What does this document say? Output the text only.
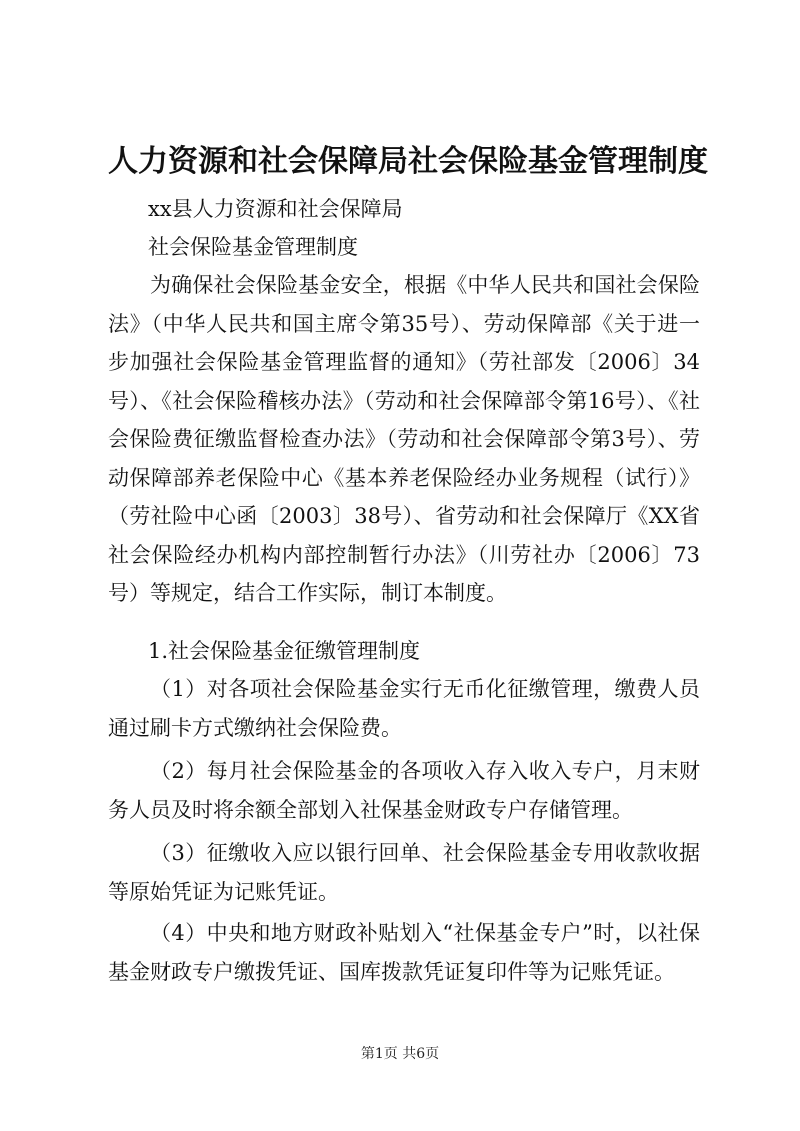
人力资源和社会保障局社会保险基金管理制度

xx县人力资源和社会保障局

社会保险基金管理制度

为确保社会保险基金安全，根据《中华人民共和国社会保险法》（中华人民共和国主席令第35号）、劳动保障部《关于进一步加强社会保险基金管理监督的通知》（劳社部发〔2006〕34号）、《社会保险稽核办法》（劳动和社会保障部令第16号）、《社会保险费征缴监督检查办法》（劳动和社会保障部令第3号）、劳动保障部养老保险中心《基本养老保险经办业务规程（试行）》（劳社险中心函〔2003〕38号）、省劳动和社会保障厅《XX省社会保险经办机构内部控制暂行办法》（川劳社办〔2006〕73号）等规定，结合工作实际，制订本制度。

1.社会保险基金征缴管理制度

（1）对各项社会保险基金实行无币化征缴管理，缴费人员通过刷卡方式缴纳社会保险费。

（2）每月社会保险基金的各项收入存入收入专户，月末财务人员及时将余额全部划入社保基金财政专户存储管理。

（3）征缴收入应以银行回单、社会保险基金专用收款收据等原始凭证为记账凭证。

（4）中央和地方财政补贴划入“社保基金专户”时，以社保基金财政专户缴拨凭证、国库拨款凭证复印件等为记账凭证。

第1页 共6页
